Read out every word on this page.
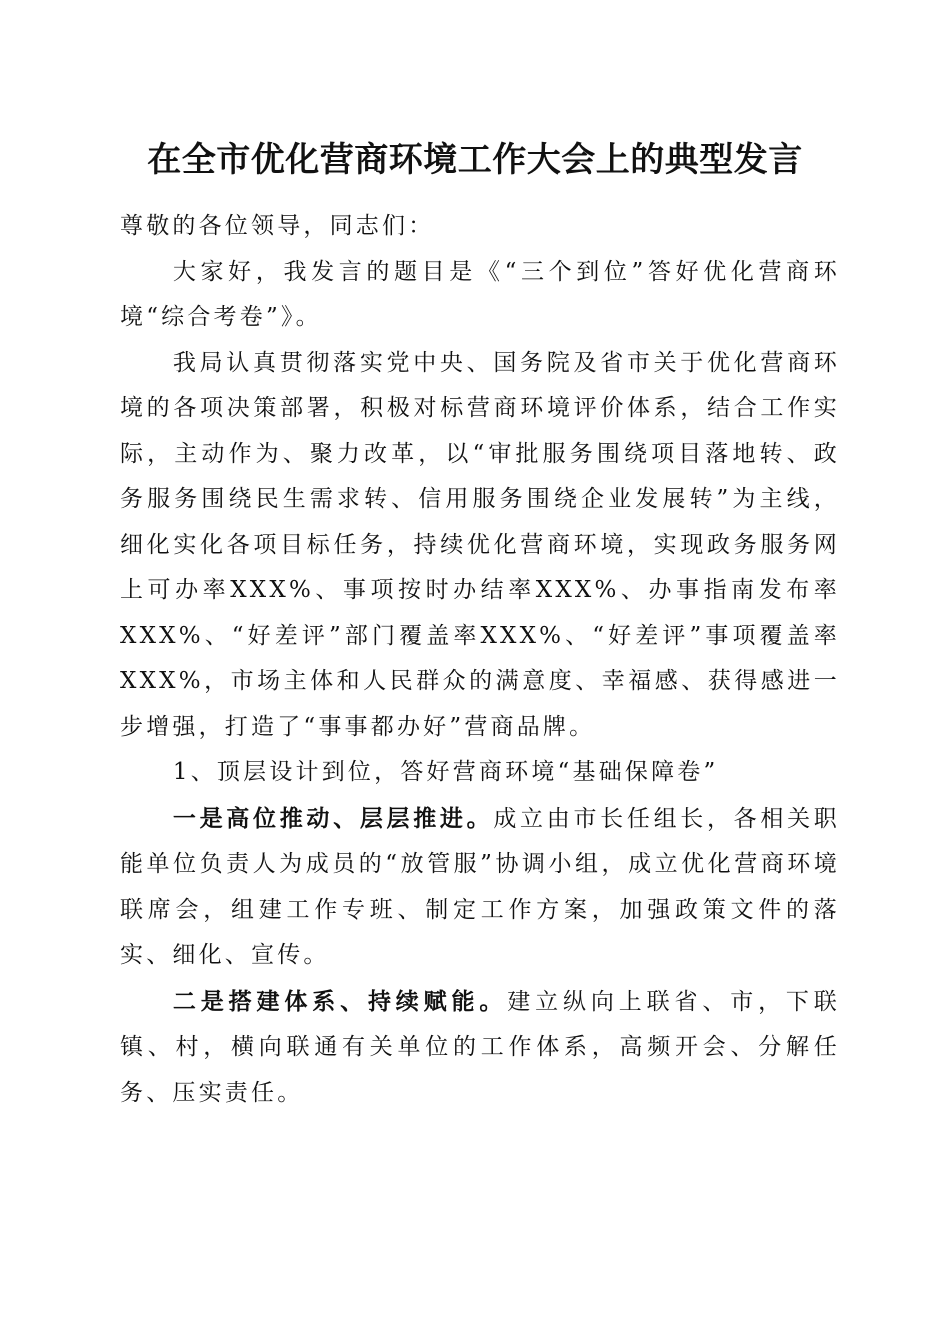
在全市优化营商环境工作大会上的典型发言

尊敬的各位领导，同志们：

大家好，我发言的题目是《“三个到位”答好优化营商环境“综合考卷”》。

我局认真贯彻落实党中央、国务院及省市关于优化营商环境的各项决策部署，积极对标营商环境评价体系，结合工作实际，主动作为、聚力改革，以“审批服务围绕项目落地转、政务服务围绕民生需求转、信用服务围绕企业发展转”为主线，细化实化各项目标任务，持续优化营商环境，实现政务服务网上可办率XXX%、事项按时办结率XXX%、办事指南发布率XXX%、“好差评”部门覆盖率XXX%、“好差评”事项覆盖率XXX%，市场主体和人民群众的满意度、幸福感、获得感进一步增强，打造了“事事都办好”营商品牌。

1、顶层设计到位，答好营商环境“基础保障卷”

一是高位推动、层层推进。成立由市长任组长，各相关职能单位负责人为成员的“放管服”协调小组，成立优化营商环境联席会，组建工作专班、制定工作方案，加强政策文件的落实、细化、宣传。

二是搭建体系、持续赋能。建立纵向上联省、市，下联镇、村，横向联通有关单位的工作体系，高频开会、分解任务、压实责任。
